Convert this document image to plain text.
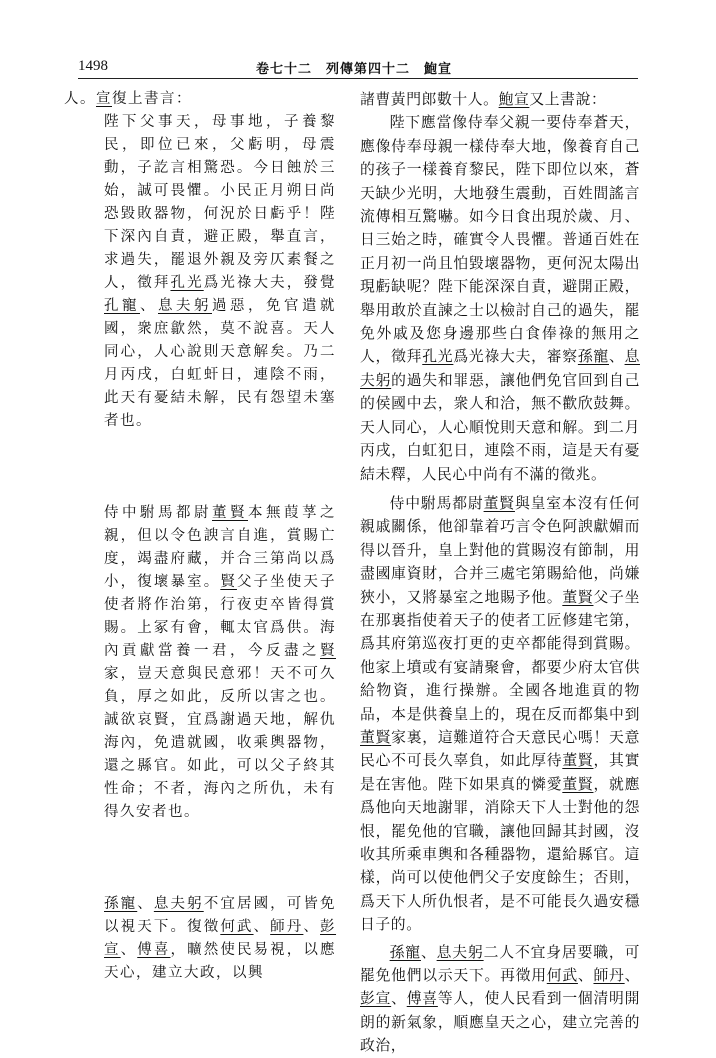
1498	卷七十二　列傳第四十二　鮑宣

人。宣復上書言：

陛下父事天，母事地，子養黎民，即位已來，父虧明，母震動，子訖言相驚恐。今日蝕於三始，誠可畏懼。小民正月朔日尚恐毀敗器物，何況於日虧乎！陛下深內自責，避正殿，舉直言，求過失，罷退外親及旁仄素餐之人，徵拜孔光爲光祿大夫，發覺孔寵、息夫躬過惡，免官遣就國，衆庶歙然，莫不說喜。天人同心，人心說則天意解矣。乃二月丙戌，白虹虷日，連陰不雨，此天有憂結未解，民有怨望未塞者也。

侍中駙馬都尉董賢本無葭莩之親，但以令色諛言自進，賞賜亡度，竭盡府藏，并合三第尚以爲小，復壞暴室。賢父子坐使天子使者將作治第，行夜吏卒皆得賞賜。上冢有會，輒太官爲供。海內貢獻當養一君，今反盡之賢家，豈天意與民意邪！天不可久負，厚之如此，反所以害之也。誠欲哀賢，宜爲謝過天地，解仇海內，免遣就國，收乘輿器物，還之縣官。如此，可以父子終其性命；不者，海內之所仇，未有得久安者也。

孫寵、息夫躬不宜居國，可皆免以視天下。復徵何武、師丹、彭宣、傅喜，曠然使民易視，以應天心，建立大政，以興

諸曹黃門郎數十人。鮑宣又上書說：

陛下應當像侍奉父親一要侍奉蒼天，應像侍奉母親一樣侍奉大地，像養育自己的孩子一樣養育黎民，陛下即位以來，蒼天缺少光明，大地發生震動，百姓間謠言流傳相互驚嚇。如今日食出現於歲、月、日三始之時，確實令人畏懼。普通百姓在正月初一尚且怕毀壞器物，更何況太陽出現虧缺呢？陛下能深深自責，避開正殿，舉用敢於直諫之士以檢討自己的過失，罷免外戚及您身邊那些白食俸祿的無用之人，徵拜孔光爲光祿大夫，審察孫寵、息夫躬的過失和罪惡，讓他們免官回到自己的侯國中去，衆人和洽，無不歡欣鼓舞。天人同心，人心順悅則天意和解。到二月丙戌，白虹犯日，連陰不雨，這是天有憂結未釋，人民心中尚有不滿的徵兆。

侍中駙馬都尉董賢與皇室本沒有任何親戚關係，他卻靠着巧言令色阿諛獻媚而得以晉升，皇上對他的賞賜沒有節制，用盡國庫資財，合并三處宅第賜給他，尚嫌狹小，又將暴室之地賜予他。董賢父子坐在那裏指使着天子的使者工匠修建宅第，爲其府第巡夜打更的吏卒都能得到賞賜。他家上墳或有宴請聚會，都要少府太官供給物資，進行操辦。全國各地進貢的物品，本是供養皇上的，現在反而都集中到董賢家裏，這難道符合天意民心嗎！天意民心不可長久辜負，如此厚待董賢，其實是在害他。陛下如果真的憐愛董賢，就應爲他向天地謝罪，消除天下人士對他的怨恨，罷免他的官職，讓他回歸其封國，沒收其所乘車輿和各種器物，還給縣官。這樣，尚可以使他們父子安度餘生；否則，爲天下人所仇恨者，是不可能長久過安穩日子的。

孫寵、息夫躬二人不宜身居要職，可罷免他們以示天下。再徵用何武、師丹、彭宣、傅喜等人，使人民看到一個清明開朗的新氣象，順應皇天之心，建立完善的政治，
